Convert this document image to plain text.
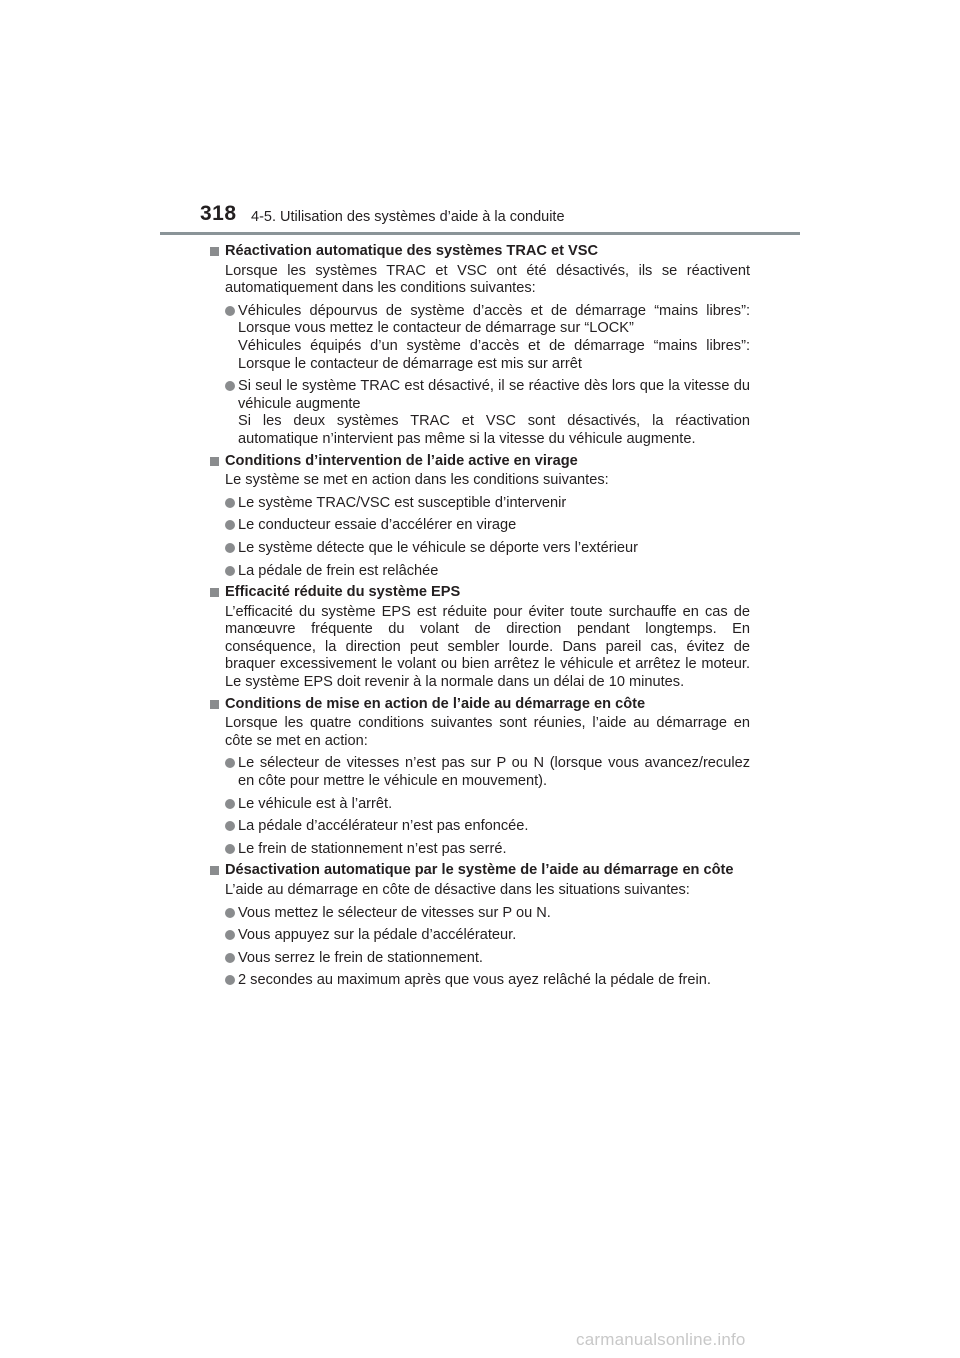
318 4-5. Utilisation des systèmes d’aide à la conduite
Réactivation automatique des systèmes TRAC et VSC
Lorsque les systèmes TRAC et VSC ont été désactivés, ils se réactivent automatiquement dans les conditions suivantes:
Véhicules dépourvus de système d’accès et de démarrage “mains libres”: Lorsque vous mettez le contacteur de démarrage sur “LOCK”
Véhicules équipés d’un système d’accès et de démarrage “mains libres”: Lorsque le contacteur de démarrage est mis sur arrêt
Si seul le système TRAC est désactivé, il se réactive dès lors que la vitesse du véhicule augmente
Si les deux systèmes TRAC et VSC sont désactivés, la réactivation automatique n’intervient pas même si la vitesse du véhicule augmente.
Conditions d’intervention de l’aide active en virage
Le système se met en action dans les conditions suivantes:
Le système TRAC/VSC est susceptible d’intervenir
Le conducteur essaie d’accélérer en virage
Le système détecte que le véhicule se déporte vers l’extérieur
La pédale de frein est relâchée
Efficacité réduite du système EPS
L’efficacité du système EPS est réduite pour éviter toute surchauffe en cas de manœuvre fréquente du volant de direction pendant longtemps. En conséquence, la direction peut sembler lourde. Dans pareil cas, évitez de braquer excessivement le volant ou bien arrêtez le véhicule et arrêtez le moteur. Le système EPS doit revenir à la normale dans un délai de 10 minutes.
Conditions de mise en action de l’aide au démarrage en côte
Lorsque les quatre conditions suivantes sont réunies, l’aide au démarrage en côte se met en action:
Le sélecteur de vitesses n’est pas sur P ou N (lorsque vous avancez/reculez en côte pour mettre le véhicule en mouvement).
Le véhicule est à l’arrêt.
La pédale d’accélérateur n’est pas enfoncée.
Le frein de stationnement n’est pas serré.
Désactivation automatique par le système de l’aide au démarrage en côte
L’aide au démarrage en côte de désactive dans les situations suivantes:
Vous mettez le sélecteur de vitesses sur P ou N.
Vous appuyez sur la pédale d’accélérateur.
Vous serrez le frein de stationnement.
2 secondes au maximum après que vous ayez relâché la pédale de frein.
carmanualsonline.info
